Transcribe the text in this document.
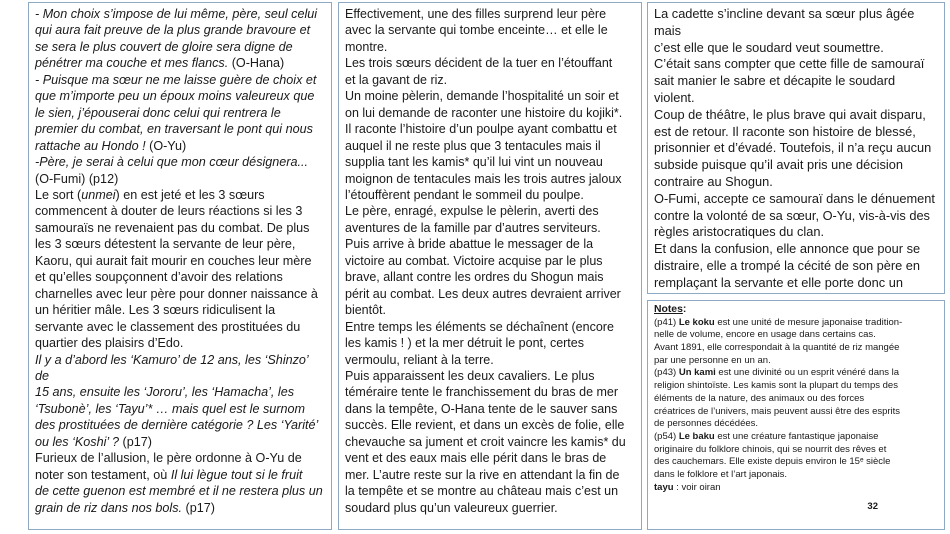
- Mon choix s’impose de lui même, père, seul celui
qui aura fait preuve de la plus grande bravoure et
se sera le plus couvert de gloire sera digne de
pénétrer ma couche et mes flancs. (O-Hana)
- Puisque ma sœur ne me laisse guère de choix et
que m’importe peu un époux moins valeureux que
le sien, j’épouserai donc celui qui rentrera le
premier du combat, en traversant le pont qui nous
rattache au Hondo ! (O-Yu)
-Père, je serai à celui que mon cœur désignera...
(O-Fumi) (p12)
Le sort (unmei) en est jeté et les 3 sœurs
commencent à douter de leurs réactions si les 3
samouraïs ne revenaient pas du combat. De plus
les 3 sœurs détestent la servante de leur père,
Kaoru, qui aurait fait mourir en couches leur mère
et qu’elles soupçonnent d’avoir des relations
charnelles avec leur père pour donner naissance à
un héritier mâle. Les 3 sœurs ridiculisent la
servante avec le classement des prostituées du
quartier des plaisirs d’Edo.
Il y a d’abord les ‘Kamuro’ de 12 ans, les ‘Shinzo’ de
15 ans, ensuite les ‘Jororu’, les ‘Hamacha’, les
‘Tsubonè’, les ‘Tayu’* … mais quel est le surnom
des prostituées de dernière catégorie ? Les ‘Yarité’
ou les ‘Koshi’ ? (p17)
Furieux de l’allusion, le père ordonne à O-Yu de
noter son testament, où Il lui lègue tout si le fruit
de cette guenon est membré et il ne restera plus un
grain de riz dans nos bols. (p17)
Effectivement, une des filles surprend leur père
avec la servante qui tombe enceinte… et elle le
montre.
Les trois sœurs décident de la tuer en l’étouffant
et la gavant de riz.
Un moine pèlerin, demande l’hospitalité un soir et
on lui demande de raconter une histoire du kojiki*.
Il raconte l’histoire d’un poulpe ayant combattu et
auquel il ne reste plus que 3 tentacules mais il
supplia tant les kamis* qu’il lui vint un nouveau
moignon de tentacules mais les trois autres jaloux
l’étouffèrent pendant le sommeil du poulpe.
Le père, enragé, expulse le pèlerin, averti des
aventures de la famille par d’autres serviteurs.
Puis arrive à bride abattue le messager de la
victoire au combat. Victoire acquise par le plus
brave, allant contre les ordres du Shogun mais
périt au combat. Les deux autres devraient arriver
bientôt.
Entre temps les éléments se déchaînent (encore
les kamis ! ) et la mer détruit le pont, certes
vermoulu, reliant à la terre.
Puis apparaissent les deux cavaliers. Le plus
téméraire tente le franchissement du bras de mer
dans la tempête, O-Hana tente de le sauver sans
succès. Elle revient, et dans un excès de folie, elle
chevauche sa jument et croit vaincre les kamis* du
vent et des eaux mais elle périt dans le bras de
mer. L’autre reste sur la rive en attendant la fin de
la tempête et se montre au château mais c’est un
soudard plus qu’un valeureux guerrier.
La cadette s’incline devant sa sœur plus âgée mais
c’est elle que le soudard veut soumettre.
C’était sans compter que cette fille de samouraï
sait manier le sabre et décapite le soudard violent.
Coup de théâtre, le plus brave qui avait disparu,
est de retour. Il raconte son histoire de blessé,
prisonnier et d’évadé. Toutefois, il n’a reçu aucun
subside puisque qu’il avait pris une décision
contraire au Shogun.
O-Fumi, accepte ce samouraï dans le dénuement
contre la volonté de sa sœur, O-Yu, vis-à-vis des
règles aristocratiques du clan.
Et dans la confusion, elle annonce que pour se
distraire, elle a trompé la cécité de son père en
remplaçant la servante et elle porte donc un
Notes:
(p41) Le koku est une unité de mesure japonaise tradition-
nelle de volume, encore en usage dans certains cas.
Avant 1891, elle correspondait à la quantité de riz mangée
par une personne en un an.
(p43) Un kami est une divinité ou un esprit vénéré dans la
religion shintoïste. Les kamis sont la plupart du temps des
éléments de la nature, des animaux ou des forces
créatrices de l’univers, mais peuvent aussi être des esprits
de personnes décédées.
(p54) Le baku est une créature fantastique japonaise
originaire du folklore chinois, qui se nourrit des rêves et
des cauchemars. Elle existe depuis environ le 15ᵉ siècle
dans le folklore et l’art japonais.
tayu : voir oiran
32
